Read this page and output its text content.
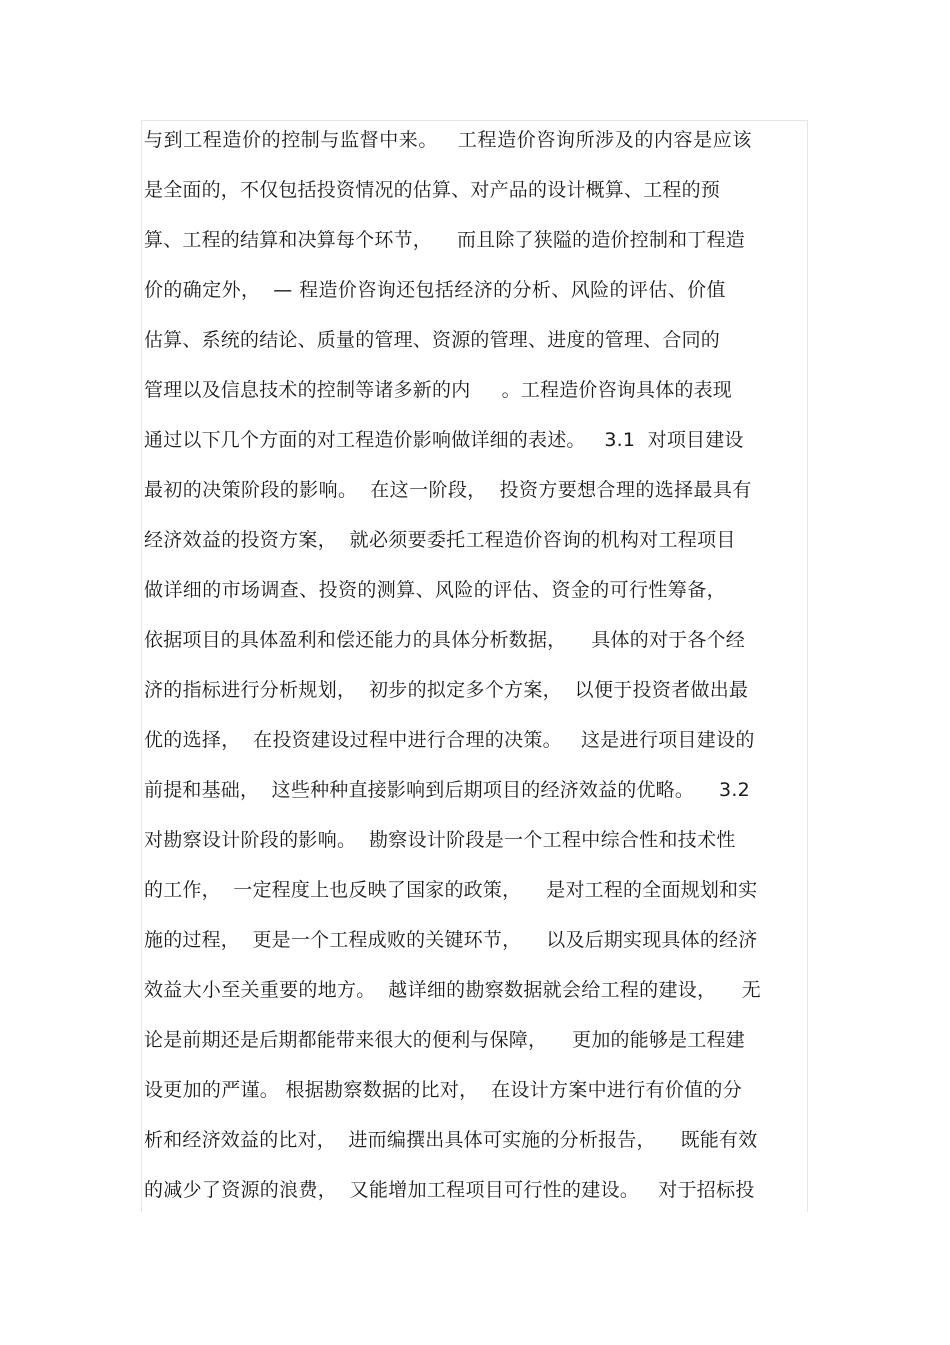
与到工程造价的控制与监督中来。   工程造价咨询所涉及的内容是应该

是全面的，不仅包括投资情况的估算、对产品的设计概算、工程的预

算、工程的结算和决算每个环节，    而且除了狭隘的造价控制和丁程造

价的确定外，  — 程造价咨询还包括经济的分析、风险的评估、价值

估算、系统的结论、质量的管理、资源的管理、进度的管理、合同的

管理以及信息技术的控制等诸多新的内     。工程造价咨询具体的表现

通过以下几个方面的对工程造价影响做详细的表述。   3.1  对项目建设

最初的决策阶段的影响。  在这一阶段，  投资方要想合理的选择最具有

经济效益的投资方案，  就必须要委托工程造价咨询的机构对工程项目

做详细的市场调查、投资的测算、风险的评估、资金的可行性筹备，

依据项目的具体盈利和偿还能力的具体分析数据，    具体的对于各个经

济的指标进行分析规划，  初步的拟定多个方案，  以便于投资者做出最

优的选择，  在投资建设过程中进行合理的决策。   这是进行项目建设的

前提和基础，  这些种种直接影响到后期项目的经济效益的优略。    3.2

对勘察设计阶段的影响。  勘察设计阶段是一个工程中综合性和技术性

的工作，  一定程度上也反映了国家的政策，    是对工程的全面规划和实

施的过程，  更是一个工程成败的关键环节，    以及后期实现具体的经济

效益大小至关重要的地方。  越详细的勘察数据就会给工程的建设，    无

论是前期还是后期都能带来很大的便利与保障，    更加的能够是工程建

设更加的严谨。 根据勘察数据的比对，  在设计方案中进行有价值的分

析和经济效益的比对，  进而编撰出具体可实施的分析报告，    既能有效

的减少了资源的浪费，  又能增加工程项目可行性的建设。   对于招标投
